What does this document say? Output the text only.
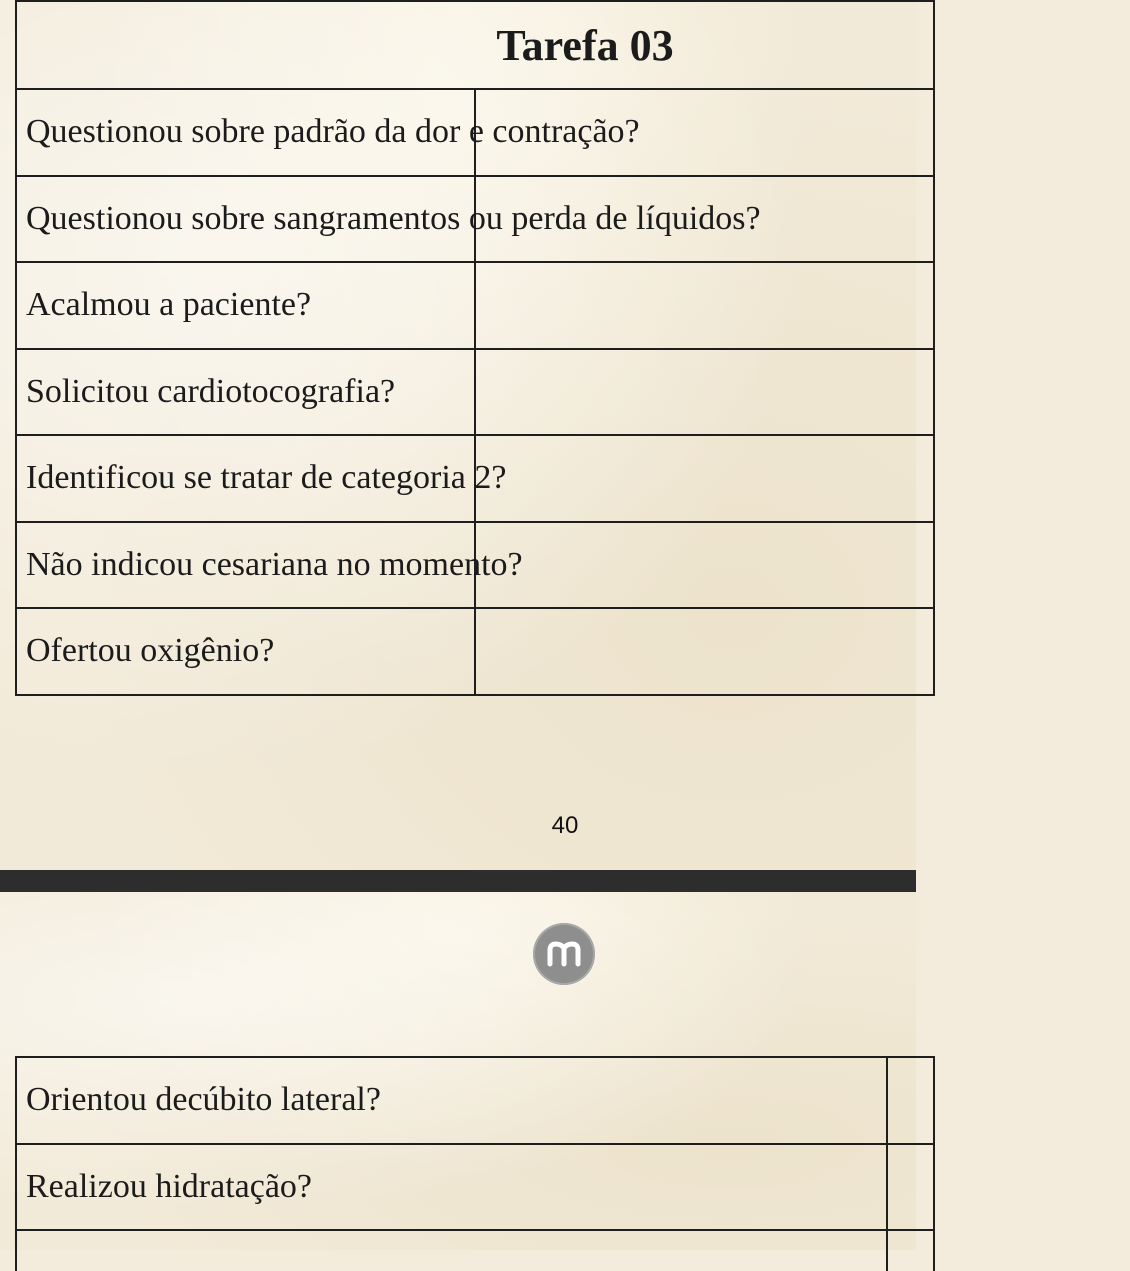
Tarefa 03	
Questionou sobre padrão da dor e contração?	
Questionou sobre sangramentos ou perda de líquidos?	
Acalmou a paciente?	
Solicitou cardiotocografia?	
Identificou se tratar de categoria 2?	
Não indicou cesariana no momento?	
Ofertou oxigênio?	
40
Orientou decúbito lateral?	
Realizou hidratação?	
